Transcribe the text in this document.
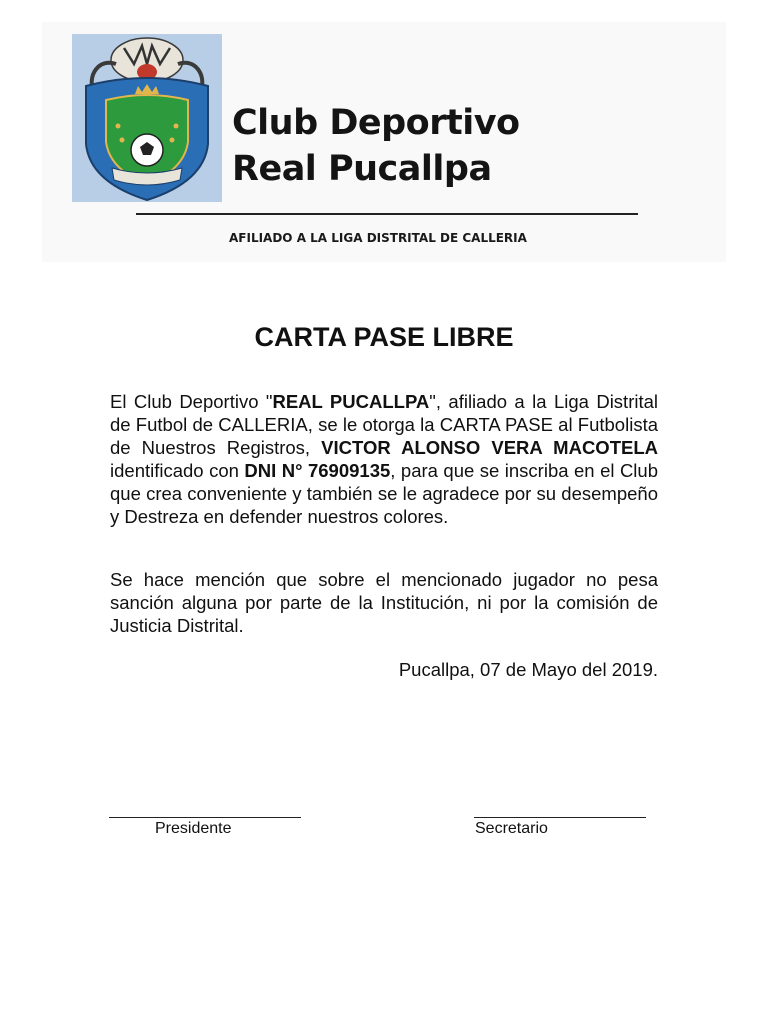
Club Deportivo
Real Pucallpa
AFILIADO A LA LIGA DISTRITAL DE CALLERIA
CARTA PASE LIBRE
El Club Deportivo "REAL PUCALLPA", afiliado a la Liga Distrital de Futbol de CALLERIA, se le otorga la CARTA PASE al Futbolista de Nuestros Registros, VICTOR ALONSO VERA MACOTELA identificado con DNI N° 76909135, para que se inscriba en el Club que crea conveniente y también se le agradece por su desempeño y Destreza en defender nuestros colores.
Se hace mención que sobre el mencionado jugador no pesa sanción alguna por parte de la Institución, ni por la comisión de Justicia Distrital.
Pucallpa, 07 de Mayo del 2019.
Presidente	Secretario
